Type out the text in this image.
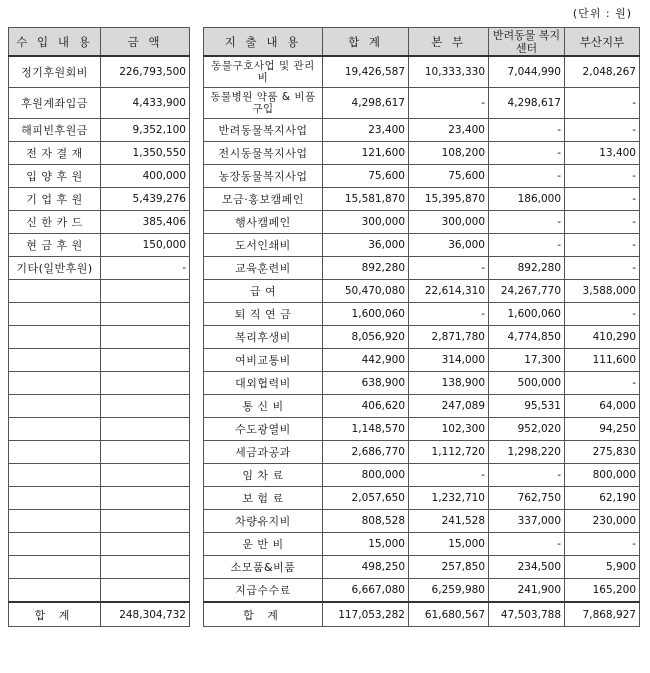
(단위 : 원)
수 입 내 용	금 액
정기후원회비	226,793,500
후원계좌입금	4,433,900
해피빈후원금	9,352,100
전 자 결 재	1,350,550
입 양 후 원	400,000
기 업 후 원	5,439,276
신 한 카 드	385,406
현 금 후 원	150,000
기타(일반후원)	-

합 계	248,304,732
지 출 내 용	합 계	본 부	반려동물 복지센터	부산지부
동물구호사업 및 관리비	19,426,587	10,333,330	7,044,990	2,048,267
동물병원 약품 & 비품 구입	4,298,617	-	4,298,617	-
반려동물복지사업	23,400	23,400	-	-
전시동물복지사업	121,600	108,200	-	13,400
농장동물복지사업	75,600	75,600	-	-
모금·홍보캠페인	15,581,870	15,395,870	186,000	-
행사캠페인	300,000	300,000	-	-
도서인쇄비	36,000	36,000	-	-
교육훈련비	892,280	-	892,280	-
급 여	50,470,080	22,614,310	24,267,770	3,588,000
퇴 직 연 금	1,600,060	-	1,600,060	-
복리후생비	8,056,920	2,871,780	4,774,850	410,290
여비교통비	442,900	314,000	17,300	111,600
대외협력비	638,900	138,900	500,000	-
통 신 비	406,620	247,089	95,531	64,000
수도광열비	1,148,570	102,300	952,020	94,250
세금과공과	2,686,770	1,112,720	1,298,220	275,830
임 차 료	800,000	-	-	800,000
보 험 료	2,057,650	1,232,710	762,750	62,190
차량유지비	808,528	241,528	337,000	230,000
운 반 비	15,000	15,000	-	-
소모품&비품	498,250	257,850	234,500	5,900
지급수수료	6,667,080	6,259,980	241,900	165,200
합 계	117,053,282	61,680,567	47,503,788	7,868,927
